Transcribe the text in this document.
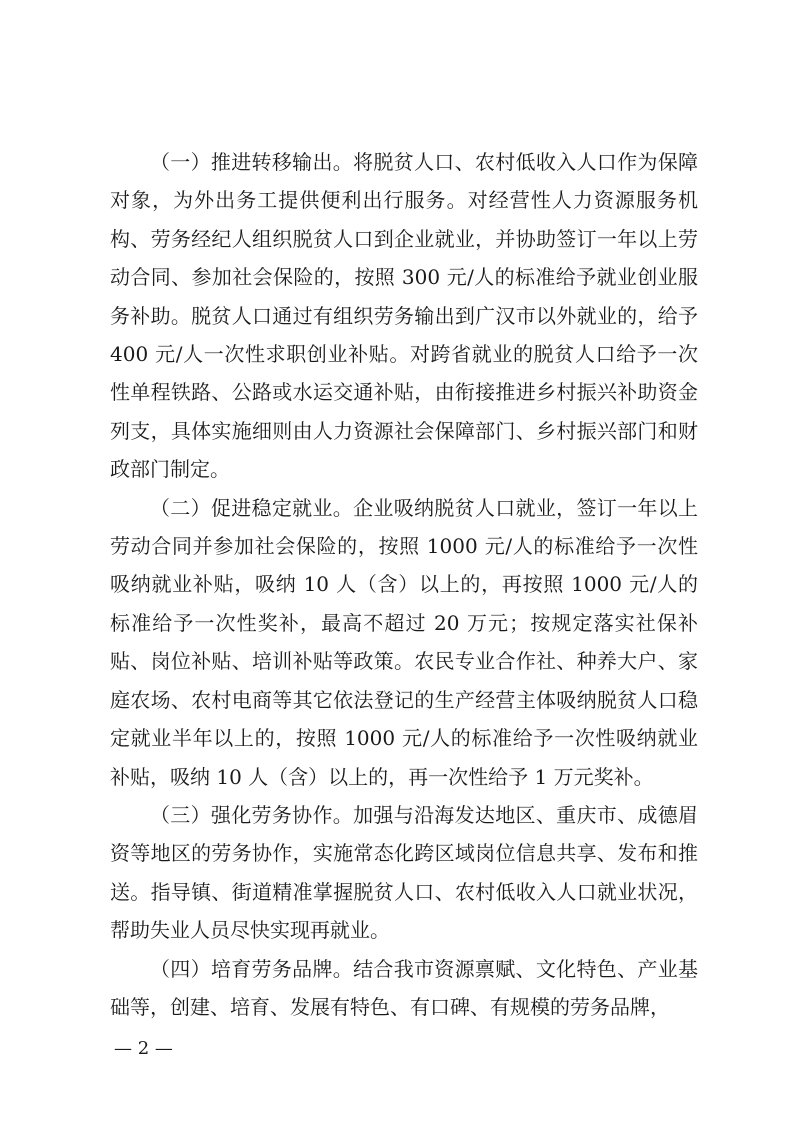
（一）推进转移输出。将脱贫人口、农村低收入人口作为保障对象，为外出务工提供便利出行服务。对经营性人力资源服务机构、劳务经纪人组织脱贫人口到企业就业，并协助签订一年以上劳动合同、参加社会保险的，按照 300 元/人的标准给予就业创业服务补助。脱贫人口通过有组织劳务输出到广汉市以外就业的，给予 400 元/人一次性求职创业补贴。对跨省就业的脱贫人口给予一次性单程铁路、公路或水运交通补贴，由衔接推进乡村振兴补助资金列支，具体实施细则由人力资源社会保障部门、乡村振兴部门和财政部门制定。

（二）促进稳定就业。企业吸纳脱贫人口就业，签订一年以上劳动合同并参加社会保险的，按照 1000 元/人的标准给予一次性吸纳就业补贴，吸纳 10 人（含）以上的，再按照 1000 元/人的标准给予一次性奖补，最高不超过 20 万元；按规定落实社保补贴、岗位补贴、培训补贴等政策。农民专业合作社、种养大户、家庭农场、农村电商等其它依法登记的生产经营主体吸纳脱贫人口稳定就业半年以上的，按照 1000 元/人的标准给予一次性吸纳就业补贴，吸纳 10 人（含）以上的，再一次性给予 1 万元奖补。

（三）强化劳务协作。加强与沿海发达地区、重庆市、成德眉资等地区的劳务协作，实施常态化跨区域岗位信息共享、发布和推送。指导镇、街道精准掌握脱贫人口、农村低收入人口就业状况，帮助失业人员尽快实现再就业。

（四）培育劳务品牌。结合我市资源禀赋、文化特色、产业基础等，创建、培育、发展有特色、有口碑、有规模的劳务品牌，

— 2 —
